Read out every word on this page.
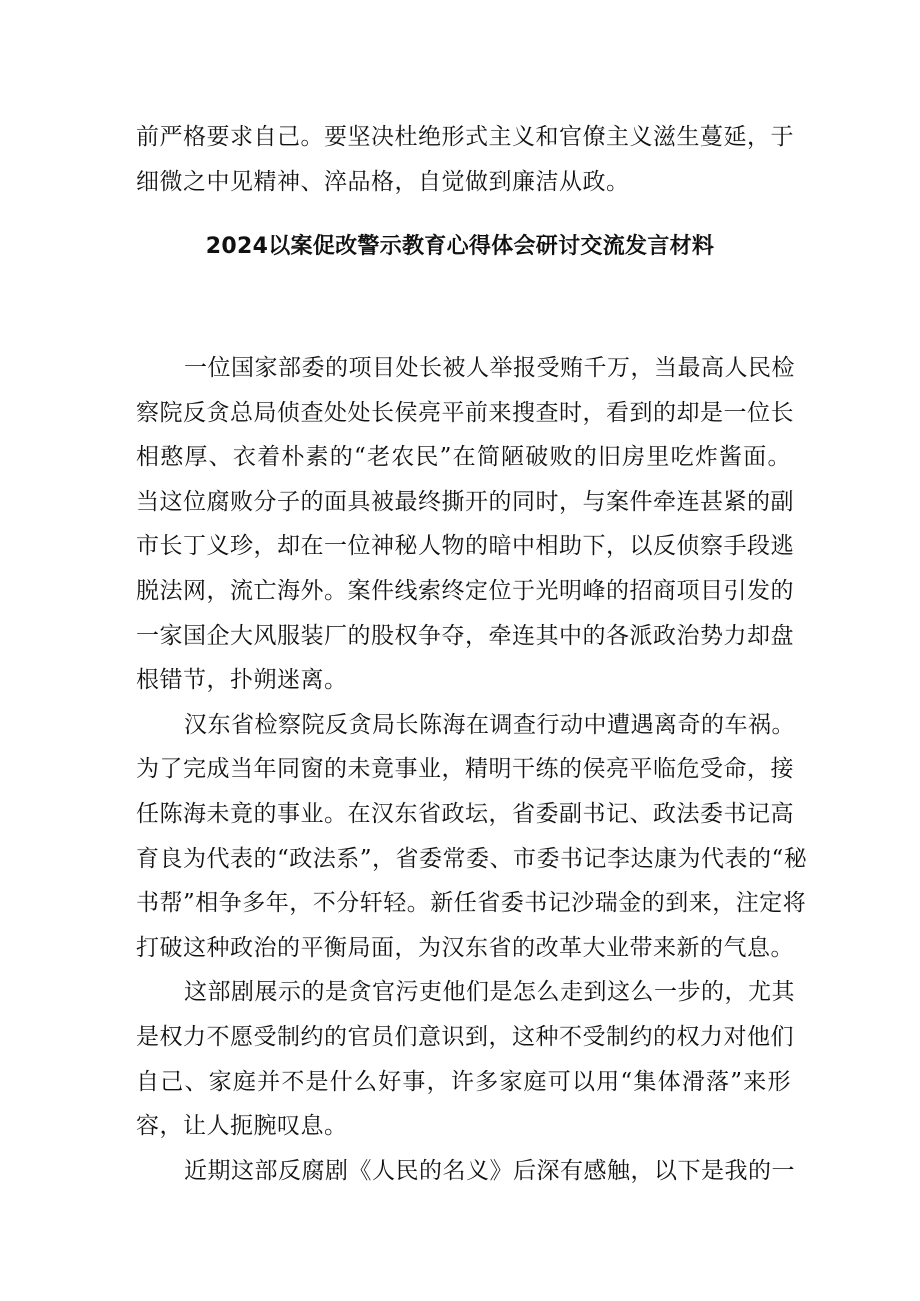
前严格要求自己。要坚决杜绝形式主义和官僚主义滋生蔓延，于
细微之中见精神、淬品格，自觉做到廉洁从政。
2024以案促改警示教育心得体会研讨交流发言材料
一位国家部委的项目处长被人举报受贿千万，当最高人民检
察院反贪总局侦查处处长侯亮平前来搜查时，看到的却是一位长
相憨厚、衣着朴素的“老农民”在简陋破败的旧房里吃炸酱面。
当这位腐败分子的面具被最终撕开的同时，与案件牵连甚紧的副
市长丁义珍，却在一位神秘人物的暗中相助下，以反侦察手段逃
脱法网，流亡海外。案件线索终定位于光明峰的招商项目引发的
一家国企大风服装厂的股权争夺，牵连其中的各派政治势力却盘
根错节，扑朔迷离。
汉东省检察院反贪局长陈海在调查行动中遭遇离奇的车祸。
为了完成当年同窗的未竟事业，精明干练的侯亮平临危受命，接
任陈海未竟的事业。在汉东省政坛，省委副书记、政法委书记高
育良为代表的“政法系”，省委常委、市委书记李达康为代表的“秘
书帮”相争多年，不分轩轻。新任省委书记沙瑞金的到来，注定将
打破这种政治的平衡局面，为汉东省的改革大业带来新的气息。
这部剧展示的是贪官污吏他们是怎么走到这么一步的，尤其
是权力不愿受制约的官员们意识到，这种不受制约的权力对他们
自己、家庭并不是什么好事，许多家庭可以用“集体滑落”来形
容，让人扼腕叹息。
近期这部反腐剧《人民的名义》后深有感触，以下是我的一
